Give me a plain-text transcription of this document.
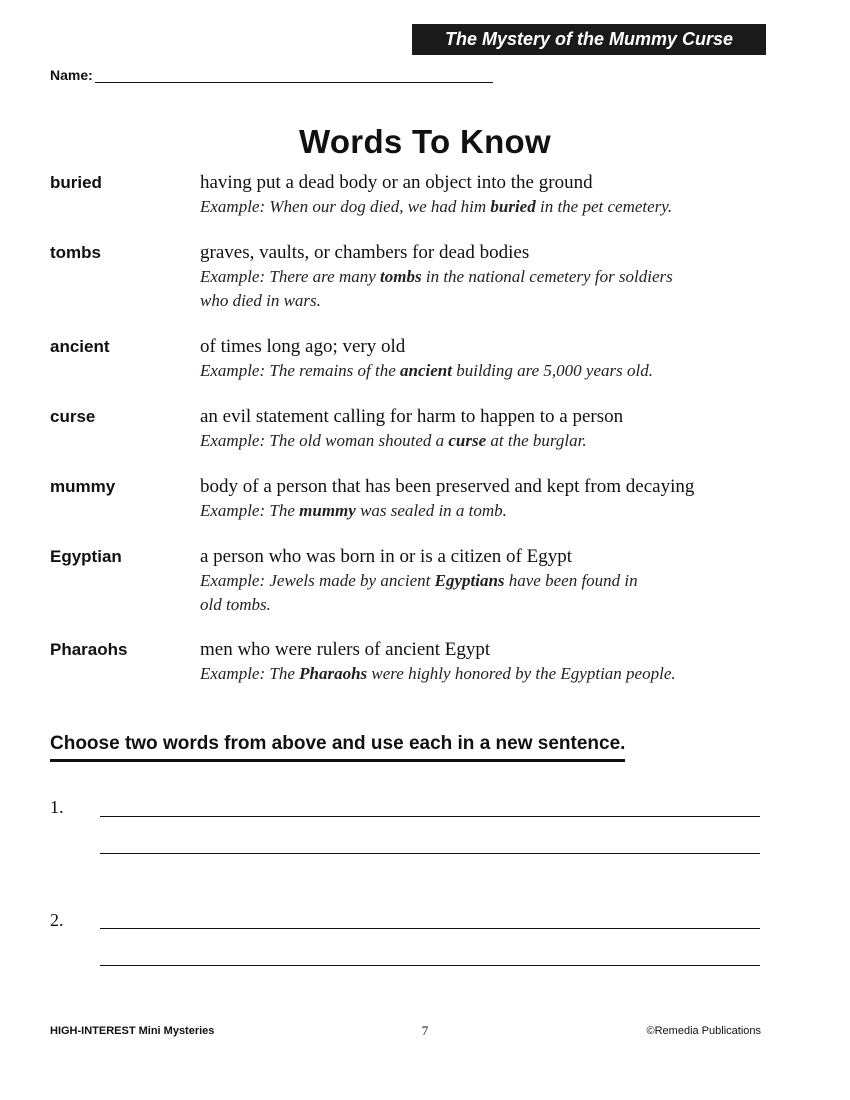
The Mystery of the Mummy Curse
Name:
Words To Know
buried	having put a dead body or an object into the ground
Example: When our dog died, we had him buried in the pet cemetery.
tombs	graves, vaults, or chambers for dead bodies
Example: There are many tombs in the national cemetery for soldiers
who died in wars.
ancient	of times long ago; very old
Example: The remains of the ancient building are 5,000 years old.
curse	an evil statement calling for harm to happen to a person
Example: The old woman shouted a curse at the burglar.
mummy	body of a person that has been preserved and kept from decaying
Example: The mummy was sealed in a tomb.
Egyptian	a person who was born in or is a citizen of Egypt
Example: Jewels made by ancient Egyptians have been found in
old tombs.
Pharaohs	men who were rulers of ancient Egypt
Example: The Pharaohs were highly honored by the Egyptian people.
Choose two words from above and use each in a new sentence.
1.
2.
HIGH-INTEREST Mini Mysteries	7	©Remedia Publications
